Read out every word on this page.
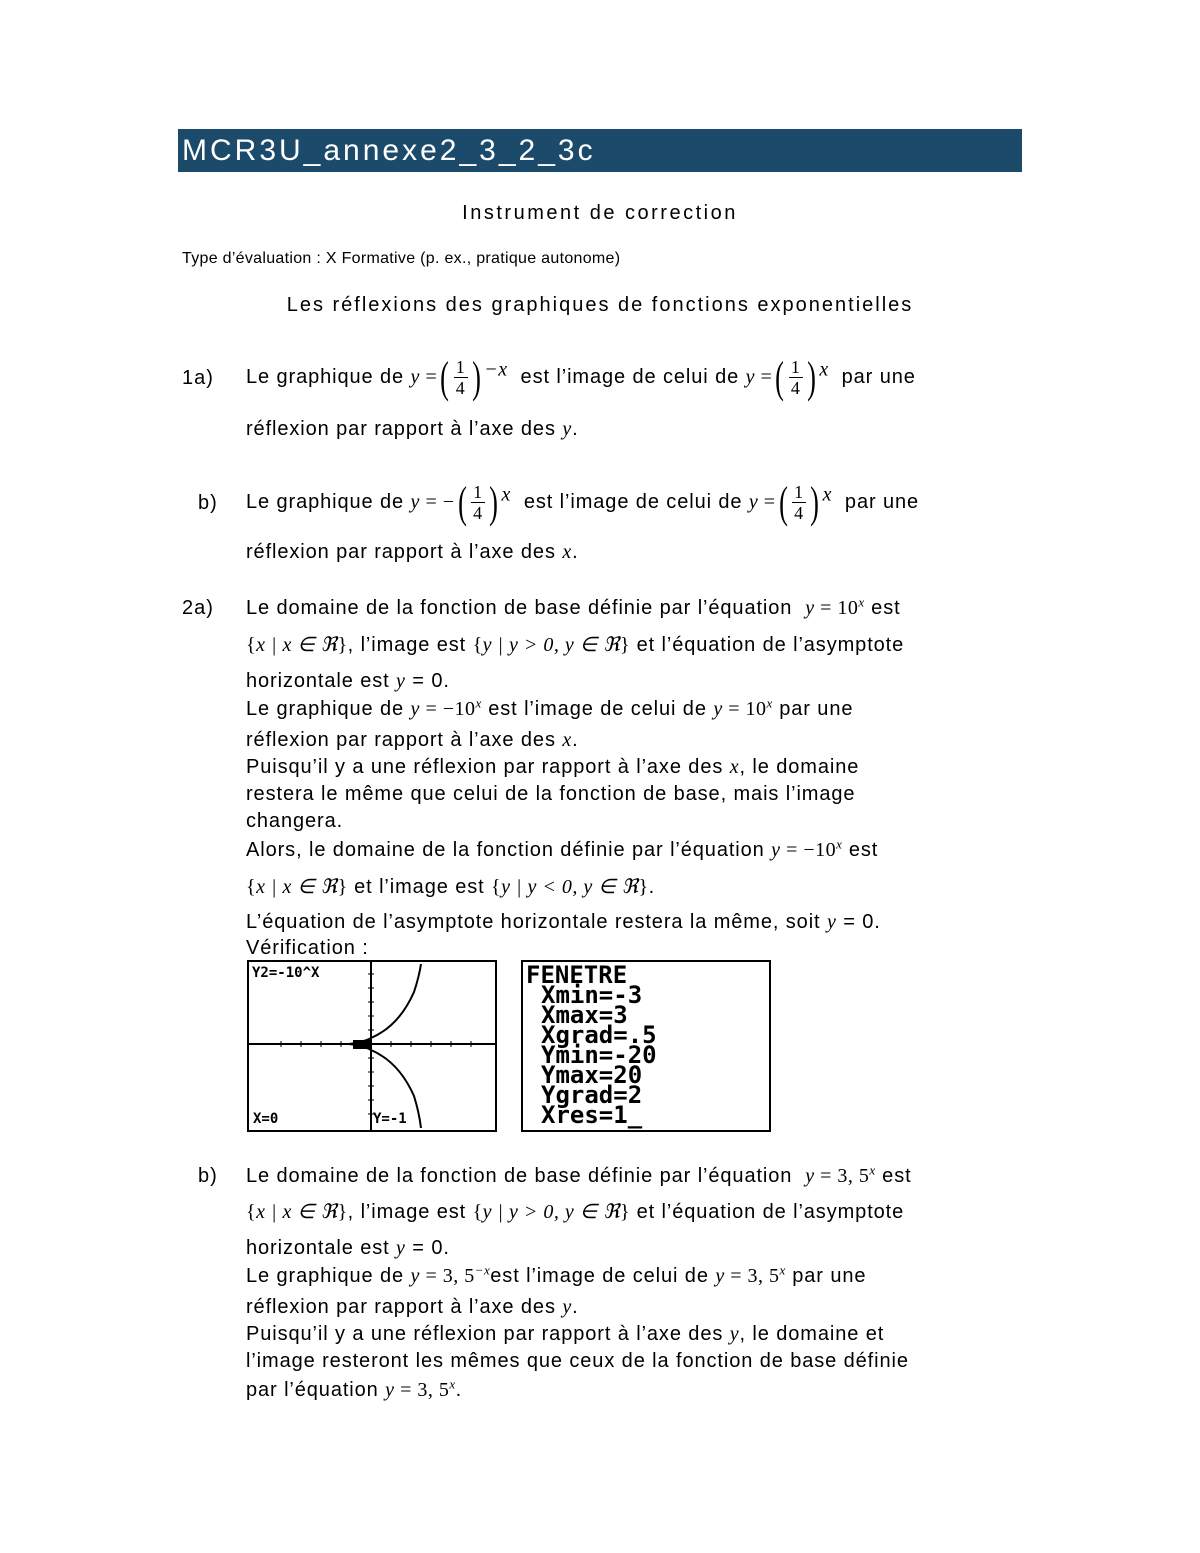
MCR3U_annexe2_3_2_3c
Instrument de correction
Type d’évaluation : X Formative (p. ex., pratique autonome)
Les réflexions des graphiques de fonctions exponentielles
1a) Le graphique de y =( $\frac{1}{4}$ ) $^{-x}$ est l’image de celui de y =( $\frac{1}{4}$ ) $^x$ par une
réflexion par rapport à l’axe des y.
b) Le graphique de y = −( $\frac{1}{4}$ ) $^x$ est l’image de celui de y =( $\frac{1}{4}$ ) $^x$ par une
réflexion par rapport à l’axe des x.
2a) Le domaine de la fonction de base définie par l’équation $y = 10^x$ est
{x | x ∈ ℜ}, l’image est {y | y > 0, y ∈ ℜ} et l’équation de l’asymptote
horizontale est y = 0.
Le graphique de $y = -10^x$ est l’image de celui de $y = 10^x$ par une
réflexion par rapport à l’axe des x.
Puisqu’il y a une réflexion par rapport à l’axe des x, le domaine
restera le même que celui de la fonction de base, mais l’image
changera.
Alors, le domaine de la fonction définie par l’équation $y = -10^x$ est
{x | x ∈ ℜ} et l’image est {y | y < 0, y ∈ ℜ}.
L’équation de l’asymptote horizontale restera la même, soit y = 0.
Vérification :
Y2=-10^X
X=0	Y=-1
FENETRE
Xmin=-3
Xmax=3
Xgrad=.5
Ymin=-20
Ymax=20
Ygrad=2
Xres=1_
b) Le domaine de la fonction de base définie par l’équation y = 3, 5$^x$ est
{x | x ∈ ℜ}, l’image est {y | y > 0, y ∈ ℜ} et l’équation de l’asymptote
horizontale est y = 0.
Le graphique de y = 3, $5^{-x}est$ l’image de celui de y = 3, 5$^x$ par une
réflexion par rapport à l’axe des y.
Puisqu’il y a une réflexion par rapport à l’axe des y, le domaine et
l’image resteront les mêmes que ceux de la fonction de base définie
par l’équation y = 3, 5$^x$.
